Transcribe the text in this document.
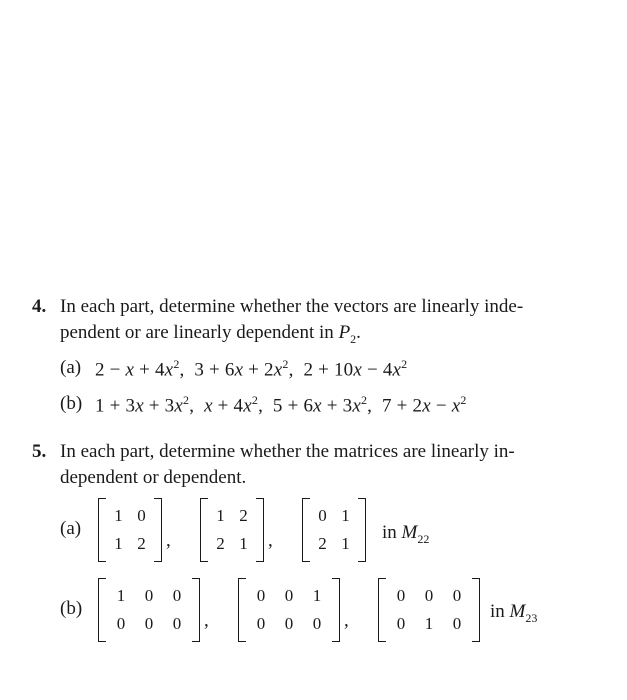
4. In each part, determine whether the vectors are linearly inde-
pendent or are linearly dependent in $P_2$.
(a) $2 - x + 4x^2$,  $3 + 6x + 2x^2$,  $2 + 10x - 4x^2$
(b) $1 + 3x + 3x^2$,  $x + 4x^2$,  $5 + 6x + 3x^2$,  $7 + 2x - x^2$
5. In each part, determine whether the matrices are linearly in-
dependent or dependent.
(a)
1 0
1 2 ,
1 2
2 1 ,
0 1
2 1
in $M_{22}$
(b)
1 0 0
0 0 0 ,
0 0 1
0 0 0 ,
0 0 0
0 1 0
in $M_{23}$
